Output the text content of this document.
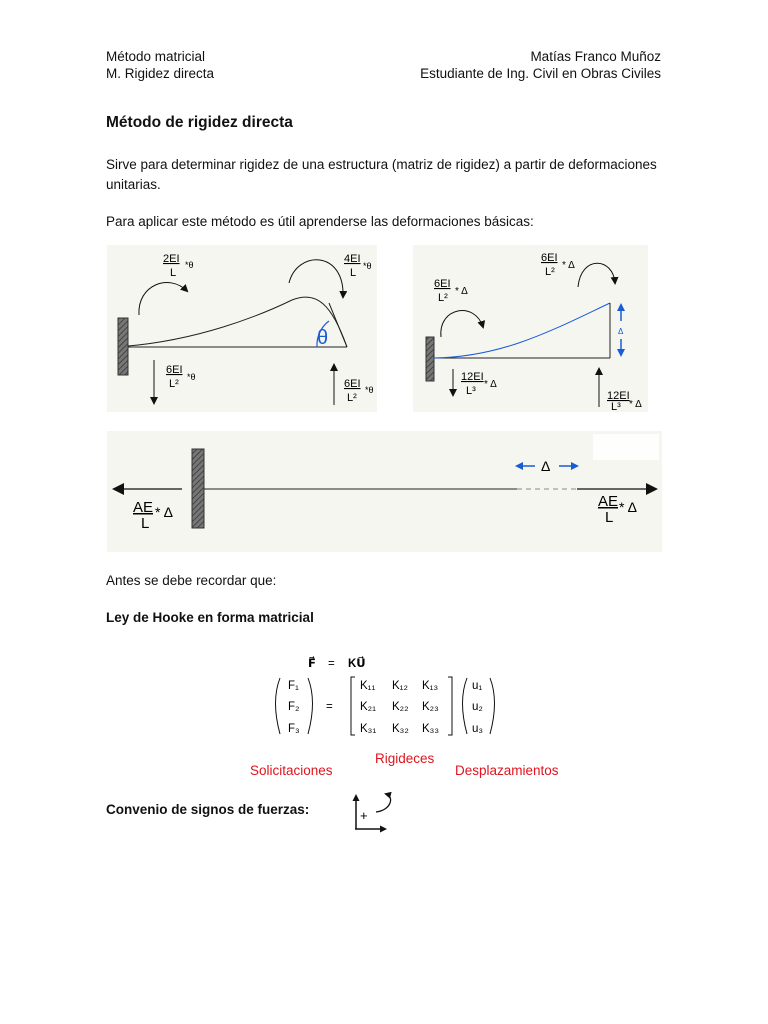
Método matricial
M. Rigidez directa
Matías Franco Muñoz
Estudiante de Ing. Civil en Obras Civiles
Método de rigidez directa
Sirve para determinar rigidez de una estructura (matriz de rigidez) a partir de deformaciones unitarias.
Para aplicar este método es útil aprenderse las deformaciones básicas:
θ
2EI
L
*θ	4EI
L
*θ
6EI
L²
*θ
6EI
L²
*θ
Δ
6EI
L²
* Δ
6EI
L²
* Δ
12EI
L³
* Δ
12EI
L³ * Δ
Δ
AE
L
* Δ
AE
L
* Δ
Antes se debe recordar que:
Ley de Hooke en forma matricial
F⃗ = KU⃗
F₁
F₂
F₃
=
K₁₁ K₁₂ K₁₃
K₂₁ K₂₂ K₂₃
K₃₁ K₃₂ K₃₃
u₁
u₂
u₃
Solicitaciones
Rigideces
Desplazamientos
Convenio de signos de fuerzas:	+
